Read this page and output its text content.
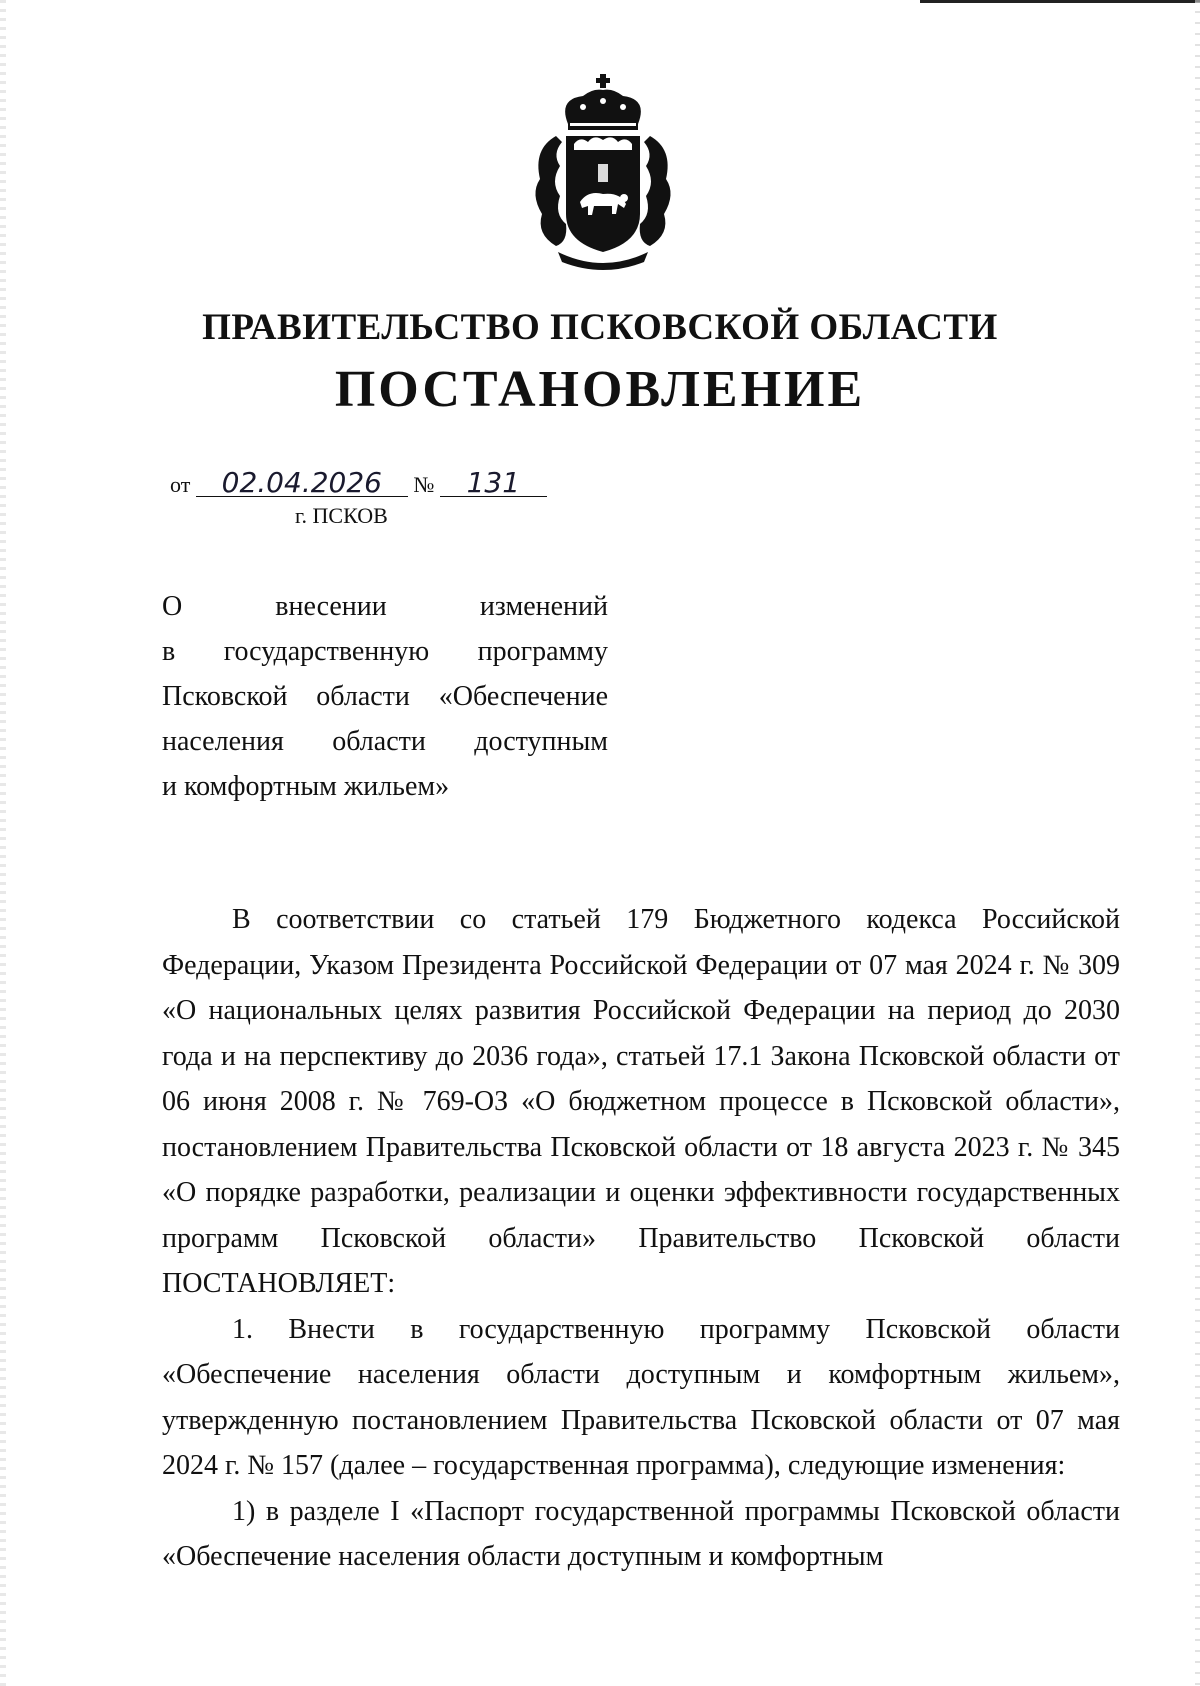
ПРАВИТЕЛЬСТВО ПСКОВСКОЙ ОБЛАСТИ
ПОСТАНОВЛЕНИЕ
от 02.04.2026 № 131
г. ПСКОВ
О внесении изменений
в государственную программу
Псковской области «Обеспечение
населения области доступным
и комфортным жильем»

В соответствии со статьей 179 Бюджетного кодекса Российской Федерации, Указом Президента Российской Федерации от 07 мая 2024 г. № 309 «О национальных целях развития Российской Федерации на период до 2030 года и на перспективу до 2036 года», статьей 17.1 Закона Псковской области от 06 июня 2008 г. № 769-ОЗ «О бюджетном процессе в Псковской области», постановлением Правительства Псковской области от 18 августа 2023 г. № 345 «О порядке разработки, реализации и оценки эффективности государственных программ Псковской области» Правительство Псковской области ПОСТАНОВЛЯЕТ:

1. Внести в государственную программу Псковской области «Обеспечение населения области доступным и комфортным жильем», утвержденную постановлением Правительства Псковской области от 07 мая 2024 г. № 157 (далее – государственная программа), следующие изменения:

1) в разделе I «Паспорт государственной программы Псковской области «Обеспечение населения области доступным и комфортным
